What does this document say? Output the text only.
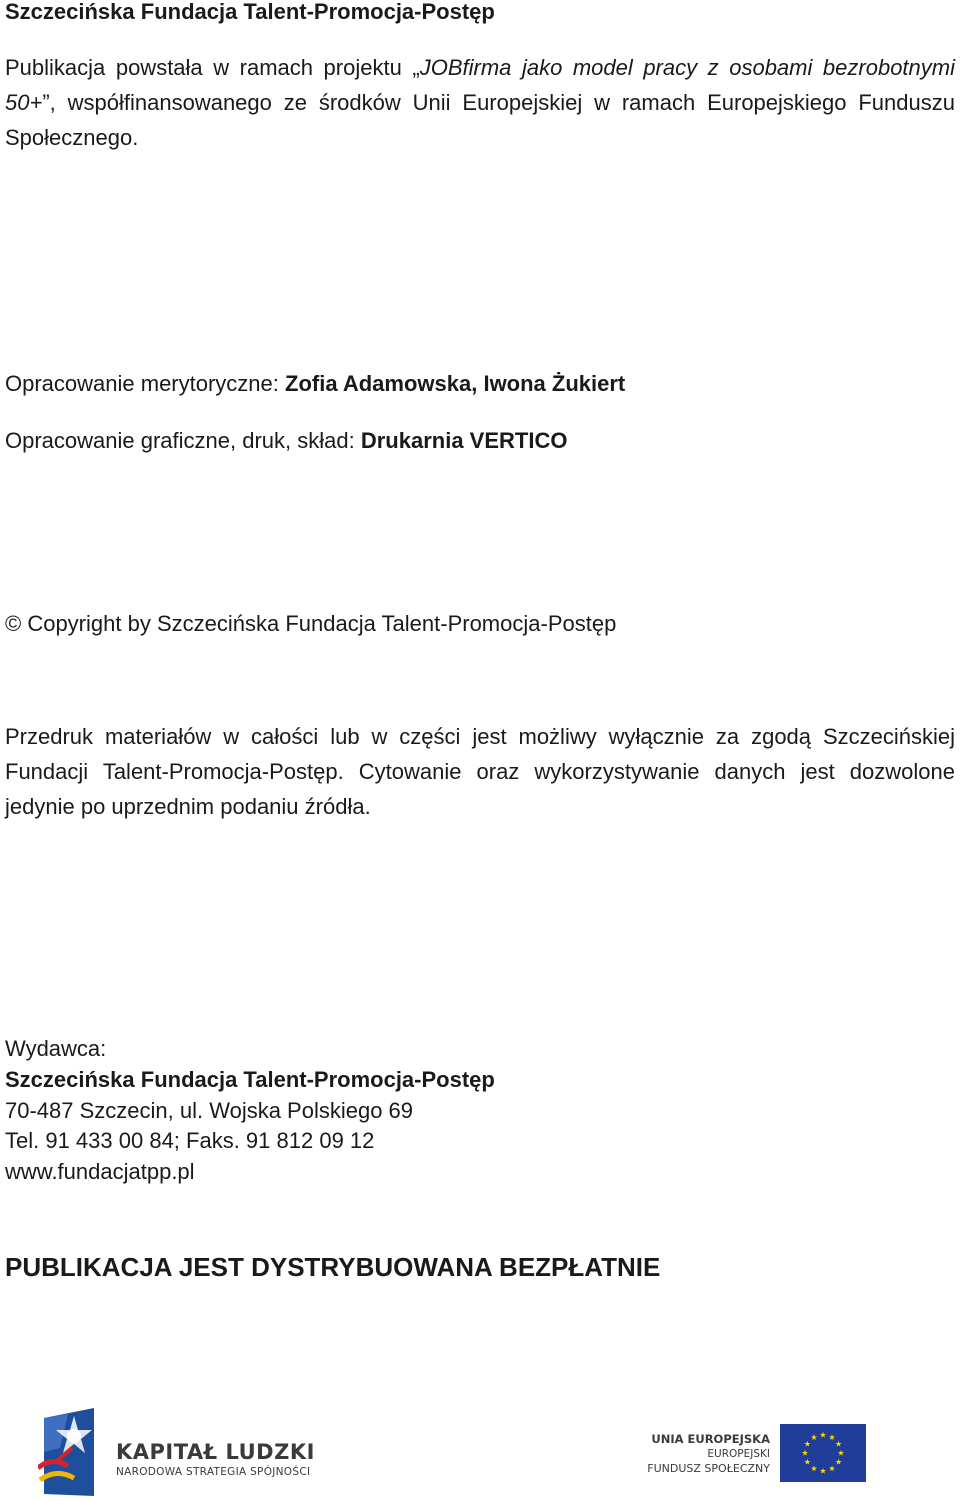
Szczecińska Fundacja Talent-Promocja-Postęp
Publikacja powstała w ramach projektu „JOBfirma jako model pracy z osobami bezrobotnymi 50+”, współfinansowanego ze środków Unii Europejskiej w ramach Europejskiego Funduszu Społecznego.
Opracowanie merytoryczne: Zofia Adamowska, Iwona Żukiert
Opracowanie graficzne, druk, skład: Drukarnia VERTICO
© Copyright by Szczecińska Fundacja Talent-Promocja-Postęp
Przedruk materiałów w całości lub w części jest możliwy wyłącznie za zgodą Szczecińskiej Fundacji Talent-Promocja-Postęp. Cytowanie oraz wykorzystywanie danych jest dozwolone jedynie po uprzednim podaniu źródła.
Wydawca:
Szczecińska Fundacja Talent-Promocja-Postęp
70-487 Szczecin, ul. Wojska Polskiego 69
Tel. 91 433 00 84; Faks. 91 812 09 12
www.fundacjatpp.pl
PUBLIKACJA JEST DYSTRYBUOWANA BEZPŁATNIE
KAPITAŁ LUDZKI
NARODOWA STRATEGIA SPÓJNOŚCI
UNIA EUROPEJSKA
EUROPEJSKI
FUNDUSZ SPOŁECZNY
